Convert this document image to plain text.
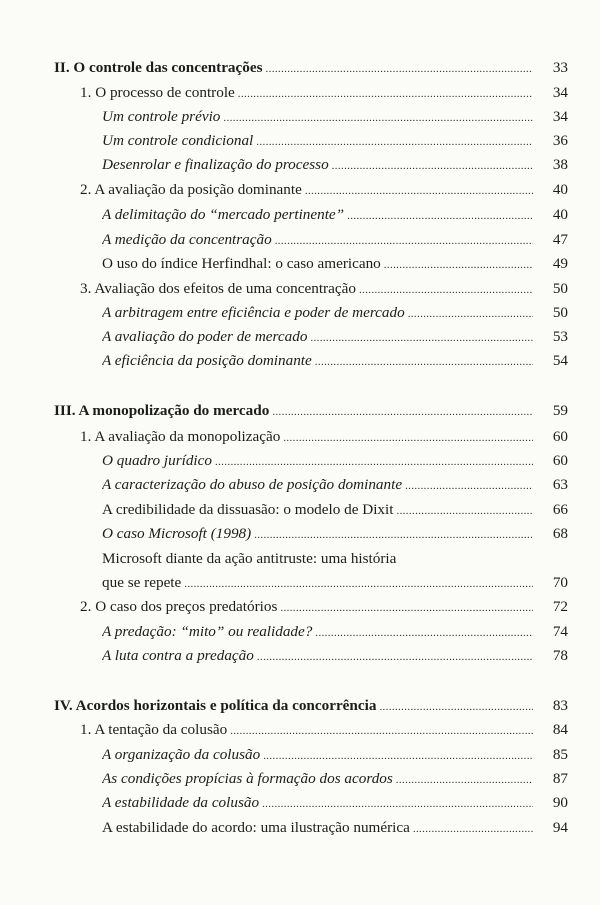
II. O controle das concentrações . . .	33
1. O processo de controle . . .	34
Um controle prévio . . .	34
Um controle condicional . . .	36
Desenrolar e finalização do processo . . .	38
2. A avaliação da posição dominante . . .	40
A delimitação do “mercado pertinente” . . .	40
A medição da concentração . . .	47
O uso do índice Herfindhal: o caso americano . . .	49
3. Avaliação dos efeitos de uma concentração . . .	50
A arbitragem entre eficiência e poder de mercado . . .	50
A avaliação do poder de mercado . . .	53
A eficiência da posição dominante . . .	54
III. A monopolização do mercado . . .	59
1. A avaliação da monopolização . . .	60
O quadro jurídico . . .	60
A caracterização do abuso de posição dominante . . .	63
A credibilidade da dissuasão: o modelo de Dixit . . .	66
O caso Microsoft (1998) . . .	68
Microsoft diante da ação antitruste: uma história
que se repete . . .	70
2. O caso dos preços predatórios . . .	72
A predação: “mito” ou realidade? . . .	74
A luta contra a predação . . .	78
IV. Acordos horizontais e política da concorrência . . .	83
1. A tentação da colusão . . .	84
A organização da colusão . . .	85
As condições propícias à formação dos acordos . . .	87
A estabilidade da colusão . . .	90
A estabilidade do acordo: uma ilustração numérica . . .	94
